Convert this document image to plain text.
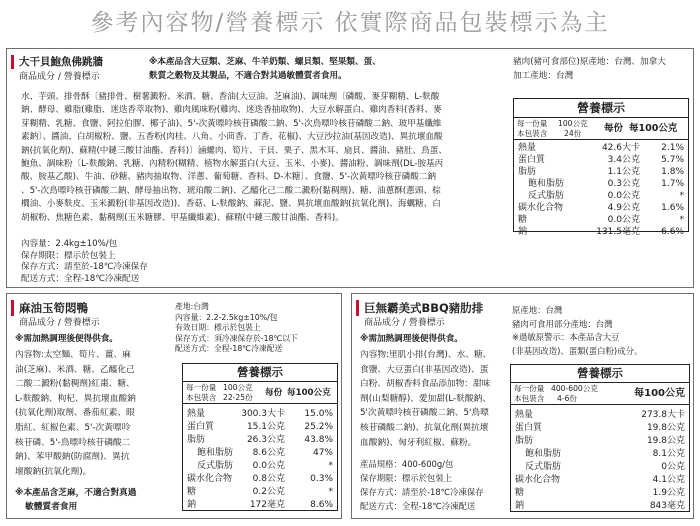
參考內容物/營養標示 依實際商品包裝標示為主
大干貝鮑魚佛跳牆
商品成分 / 營養標示
※本產品含大豆類、芝麻、牛羊奶類、螺貝類、堅果類、蛋、
麩質之穀物及其製品，不適合對其過敏體質者食用。
豬肉(豬可食部位)原產地：台灣、加拿大
加工產地：台灣
水、芋頭、排骨酥〔豬排骨、樹薯澱粉、米酒、糖、香油(大豆油、芝麻油)、調味劑〔磷酸、麥芽糊精、L-麩酸
鈉、酵母、雞脂(雞脂、迷迭香萃取物)、雞肉風味粉(雞肉、迷迭香抽取物)、大豆水解蛋白、雞肉香料(香料、麥
芽糊精、乳糖、食鹽、阿拉伯膠、椰子油)、5'-次黃嘌呤核苷磷酸二鈉、5'-次鳥嘌呤核苷磷酸二鈉、玻甲基纖維
素鈉〕、醬油、白胡椒粉、鹽、五香粉(肉桂、八角、小茴香、丁香、花椒)、大豆沙拉油(基因改造)、異抗壞血酸
鈉(抗氧化劑)、蘇精(中鏈三酸甘油酯、香料)〕滷螺肉、筍片、干貝、栗子、黑木耳、扇貝、醬油、豬肚、鳥蛋、
鮑魚、調味粉〔L-麩酸鈉、乳糖、內精粉(糊精、植物水解蛋白(大豆、玉米、小麥)、醬油粉、調味劑(DL-胺基丙
酸、胺基乙酸)、牛油、砂糖、豬肉抽取物、洋蔥、葡萄糖、香料、D-木糖〕、食鹽、5'-次黃嘌呤核苷磷酸二鈉
、5'-次鳥嘌呤核苷磷酸二鈉、酵母抽出物、琥珀酸二鈉)、乙醯化己二酸二澱粉(黏稠劑)、糖、油蔥酥(蔥頭、棕
櫚油、小麥麩皮、玉米澱粉(非基因改造))、香菇、L-麩酸鈉、蔴泥、鹽、異抗壞血酸鈉(抗氧化劑)、海蠣糖、白
胡椒粉、焦糖色素、黏稠劑(玉米糖膠、甲基纖維素)、蘇精(中鏈三酸甘油酯、香料)。
內容量：2.4kg±10%/包
保存期限：標示於包裝上
保存方式：請至於-18℃冷凍保存
配送方式：全程-18℃冷凍配送
營養標示
每一份量 100公克
本包裝含 24份 每份 每100公克
熱量	42.6大卡 2.1%
蛋白質	3.4公克 5.7%
脂肪	1.1公克 1.8%
飽和脂肪	0.3公克 1.7%
反式脂肪	0.0公克	*
碳水化合物	4.9公克 1.6%
糖	0.0公克	*
鈉	131.5毫克 6.6%
麻油玉筍悶鴨
商品成分 / 營養標示
※需加熱調理後便得供食。
內容物:太空麵、筍片、薑、麻
油(芝麻)、米酒、糖、乙醯化己
二酸二澱粉(黏稠劑)紅棗、糖、
L-麩酸鈉、枸杞、異抗壞血酸鈉
(抗氧化劑)取劑、番茄紅素、眼
脂紅、紅椒色素、5'-次黃嘌呤
核苷磷、5'-鳥嘌呤核苷磷酸二
鈉)、苯甲酸鈉(防腐劑)、異抗
壞酸鈉(抗氧化劑)。
※本產品含芝麻，不適合對真過
敏體質者食用
產地:台灣
內容量：2.2-2.5kg±10%/包
有效日期：標示於包裝上
保存方式：須冷凍保存於-18℃以下
配送方式：全程-18℃冷凍配送
營養標示
每一份量 100公克
本包裝含 22-25份 每份 每100公克
熱量	300.3大卡 15.0%
蛋白質	15.1公克 25.2%
脂肪	26.3公克 43.8%
飽和脂肪 8.6公克	47%
反式脂肪 0.0公克	*
碳水化合物 0.8公克	0.3%
糖	0.2公克	*
鈉	172毫克	8.6%
巨無霸美式BBQ豬肋排
商品成分 / 營養標示
※需加熱調理後便得供食。
內容物:里肌小排(台灣)、水、糖、
食鹽、大豆蛋白(非基因改造)、蛋
白粉、胡椒香料食品添加物：甜味
劑(山梨糖醇)、愛加甜(L-麩酸鈉、
5'次黃嘌呤核苷磷酸二鈉、5'鳥嘌
核苷磷酸二鈉)、抗氧化劑(異抗壞
血酸鈉)、匈牙利紅椒、蘇粉。
產品規格：400-600g/包
保存期限：標示於包裝上
保存方式：請至於-18℃冷凍保存
配送方式：全程-18℃冷凍配送
原產地：台灣
豬肉可食用部分產地：台灣
※過敏原警示：本產品含大豆
(非基因改造)、蛋類(蛋白粉)成分。
營養標示
每一份量 400-600公克
本包裝含 4-6份	每100公克
熱量	273.8大卡
蛋白質	19.8公克
脂肪	19.8公克
飽和脂肪	8.1公克
反式脂肪	0公克
碳水化合物	4.1公克
糖	1.9公克
鈉	843毫克
